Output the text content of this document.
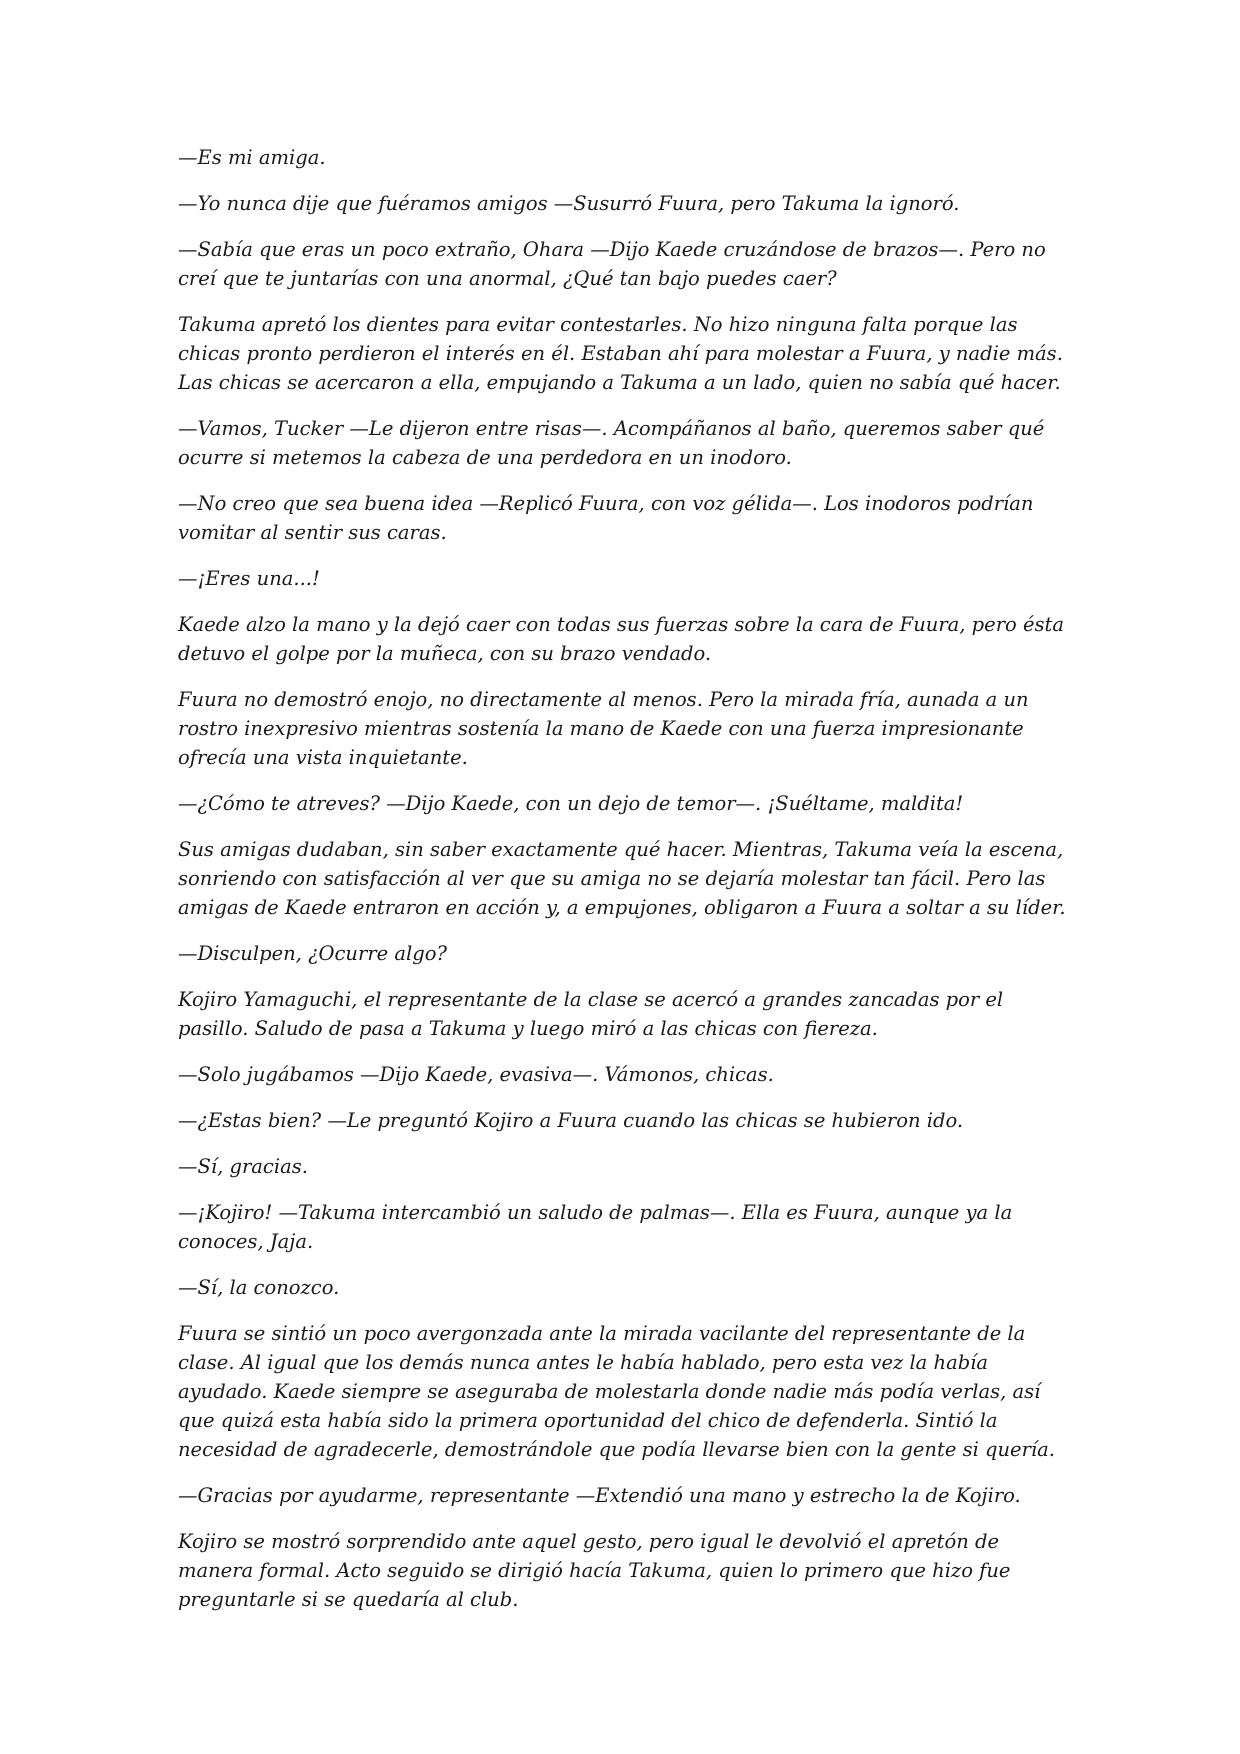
—Es mi amiga.

—Yo nunca dije que fuéramos amigos —Susurró Fuura, pero Takuma la ignoró.

—Sabía que eras un poco extraño, Ohara —Dijo Kaede cruzándose de brazos—. Pero no creí que te juntarías con una anormal, ¿Qué tan bajo puedes caer?

Takuma apretó los dientes para evitar contestarles. No hizo ninguna falta porque las chicas pronto perdieron el interés en él. Estaban ahí para molestar a Fuura, y nadie más. Las chicas se acercaron a ella, empujando a Takuma a un lado, quien no sabía qué hacer.

—Vamos, Tucker —Le dijeron entre risas—. Acompáñanos al baño, queremos saber qué ocurre si metemos la cabeza de una perdedora en un inodoro.

—No creo que sea buena idea —Replicó Fuura, con voz gélida—. Los inodoros podrían vomitar al sentir sus caras.

—¡Eres una...!

Kaede alzo la mano y la dejó caer con todas sus fuerzas sobre la cara de Fuura, pero ésta detuvo el golpe por la muñeca, con su brazo vendado.

Fuura no demostró enojo, no directamente al menos. Pero la mirada fría, aunada a un rostro inexpresivo mientras sostenía la mano de Kaede con una fuerza impresionante ofrecía una vista inquietante.

—¿Cómo te atreves? —Dijo Kaede, con un dejo de temor—. ¡Suéltame, maldita!

Sus amigas dudaban, sin saber exactamente qué hacer. Mientras, Takuma veía la escena, sonriendo con satisfacción al ver que su amiga no se dejaría molestar tan fácil. Pero las amigas de Kaede entraron en acción y, a empujones, obligaron a Fuura a soltar a su líder.

—Disculpen, ¿Ocurre algo?

Kojiro Yamaguchi, el representante de la clase se acercó a grandes zancadas por el pasillo. Saludo de pasa a Takuma y luego miró a las chicas con fiereza.

—Solo jugábamos —Dijo Kaede, evasiva—. Vámonos, chicas.

—¿Estas bien? —Le preguntó Kojiro a Fuura cuando las chicas se hubieron ido.

—Sí, gracias.

—¡Kojiro! —Takuma intercambió un saludo de palmas—. Ella es Fuura, aunque ya la conoces, Jaja.

—Sí, la conozco.

Fuura se sintió un poco avergonzada ante la mirada vacilante del representante de la clase. Al igual que los demás nunca antes le había hablado, pero esta vez la había ayudado. Kaede siempre se aseguraba de molestarla donde nadie más podía verlas, así que quizá esta había sido la primera oportunidad del chico de defenderla. Sintió la necesidad de agradecerle, demostrándole que podía llevarse bien con la gente si quería.

—Gracias por ayudarme, representante —Extendió una mano y estrecho la de Kojiro.

Kojiro se mostró sorprendido ante aquel gesto, pero igual le devolvió el apretón de manera formal. Acto seguido se dirigió hacía Takuma, quien lo primero que hizo fue preguntarle si se quedaría al club.
